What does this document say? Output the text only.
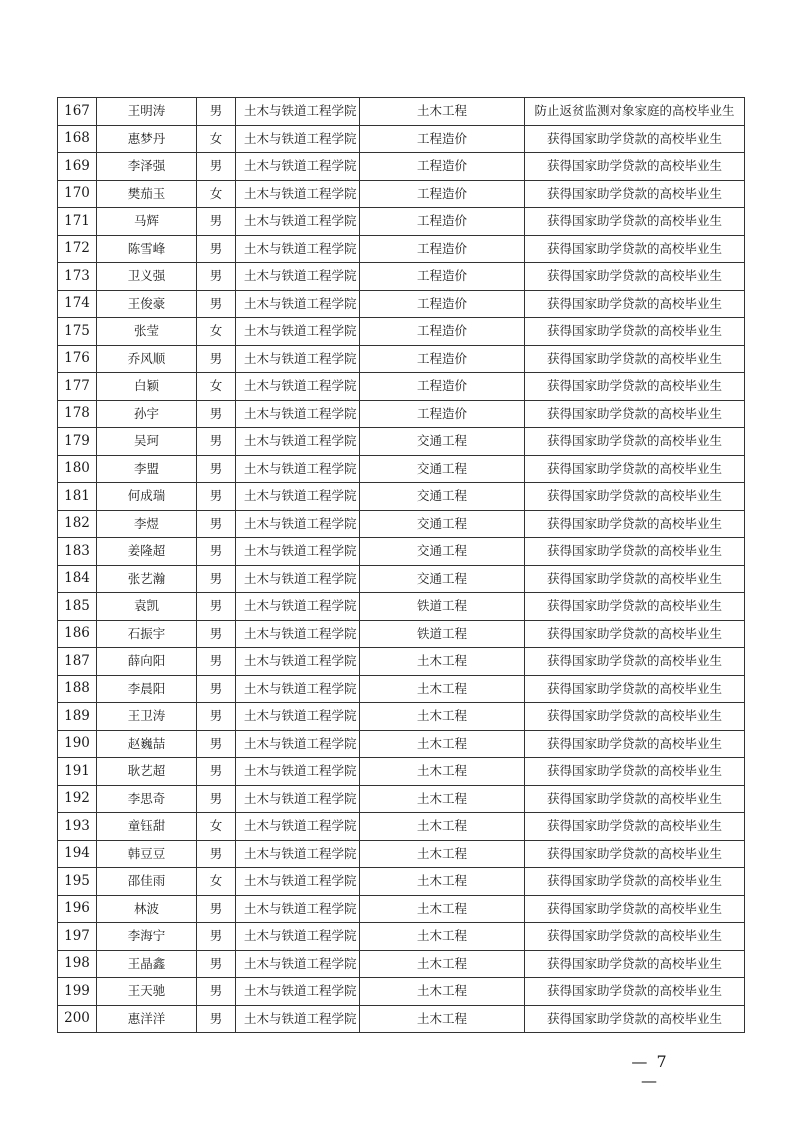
167	王明涛	男	土木与铁道工程学院	土木工程	防止返贫监测对象家庭的高校毕业生
168	惠梦丹	女	土木与铁道工程学院	工程造价	获得国家助学贷款的高校毕业生
169	李泽强	男	土木与铁道工程学院	工程造价	获得国家助学贷款的高校毕业生
170	樊茄玉	女	土木与铁道工程学院	工程造价	获得国家助学贷款的高校毕业生
171	马辉	男	土木与铁道工程学院	工程造价	获得国家助学贷款的高校毕业生
172	陈雪峰	男	土木与铁道工程学院	工程造价	获得国家助学贷款的高校毕业生
173	卫义强	男	土木与铁道工程学院	工程造价	获得国家助学贷款的高校毕业生
174	王俊豪	男	土木与铁道工程学院	工程造价	获得国家助学贷款的高校毕业生
175	张莹	女	土木与铁道工程学院	工程造价	获得国家助学贷款的高校毕业生
176	乔风顺	男	土木与铁道工程学院	工程造价	获得国家助学贷款的高校毕业生
177	白颖	女	土木与铁道工程学院	工程造价	获得国家助学贷款的高校毕业生
178	孙宇	男	土木与铁道工程学院	工程造价	获得国家助学贷款的高校毕业生
179	吴珂	男	土木与铁道工程学院	交通工程	获得国家助学贷款的高校毕业生
180	李盟	男	土木与铁道工程学院	交通工程	获得国家助学贷款的高校毕业生
181	何成瑞	男	土木与铁道工程学院	交通工程	获得国家助学贷款的高校毕业生
182	李煜	男	土木与铁道工程学院	交通工程	获得国家助学贷款的高校毕业生
183	姜隆超	男	土木与铁道工程学院	交通工程	获得国家助学贷款的高校毕业生
184	张艺瀚	男	土木与铁道工程学院	交通工程	获得国家助学贷款的高校毕业生
185	袁凯	男	土木与铁道工程学院	铁道工程	获得国家助学贷款的高校毕业生
186	石振宇	男	土木与铁道工程学院	铁道工程	获得国家助学贷款的高校毕业生
187	薛向阳	男	土木与铁道工程学院	土木工程	获得国家助学贷款的高校毕业生
188	李晨阳	男	土木与铁道工程学院	土木工程	获得国家助学贷款的高校毕业生
189	王卫涛	男	土木与铁道工程学院	土木工程	获得国家助学贷款的高校毕业生
190	赵巍喆	男	土木与铁道工程学院	土木工程	获得国家助学贷款的高校毕业生
191	耿艺超	男	土木与铁道工程学院	土木工程	获得国家助学贷款的高校毕业生
192	李思奇	男	土木与铁道工程学院	土木工程	获得国家助学贷款的高校毕业生
193	童钰甜	女	土木与铁道工程学院	土木工程	获得国家助学贷款的高校毕业生
194	韩豆豆	男	土木与铁道工程学院	土木工程	获得国家助学贷款的高校毕业生
195	邵佳雨	女	土木与铁道工程学院	土木工程	获得国家助学贷款的高校毕业生
196	林波	男	土木与铁道工程学院	土木工程	获得国家助学贷款的高校毕业生
197	李海宁	男	土木与铁道工程学院	土木工程	获得国家助学贷款的高校毕业生
198	王晶鑫	男	土木与铁道工程学院	土木工程	获得国家助学贷款的高校毕业生
199	王天驰	男	土木与铁道工程学院	土木工程	获得国家助学贷款的高校毕业生
200	惠洋洋	男	土木与铁道工程学院	土木工程	获得国家助学贷款的高校毕业生
— 7 —
